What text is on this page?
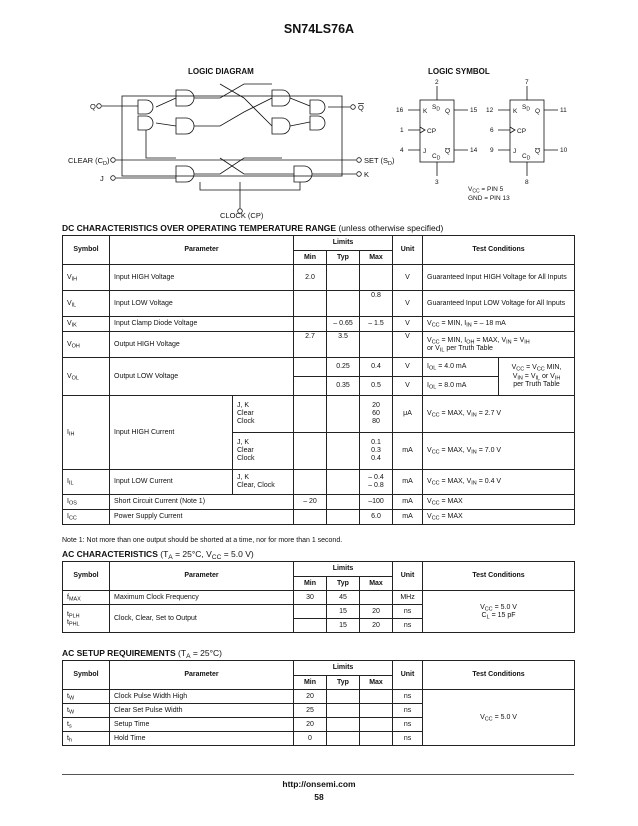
SN74LS76A
LOGIC DIAGRAM
Q	Q
CLEAR $(C_D)$
J
SET $(S_D)$
K
CLOCK (CP)
LOGIC SYMBOL
2
16	15
1
4	14
3
7
12	11
6
9	10
8
$S_D$
K	Q
CP
J	Q
$C_D$
$S_D$
K	Q
CP
J	Q
$C_D$
$V_{CC}$ = PIN 5
GND = PIN 13
DC CHARACTERISTICS OVER OPERATING TEMPERATURE RANGE (unless otherwise specified)
Symbol	Parameter		Limits			Unit	Test Conditions	
			Min	Typ	Max			
$V_{IH}$	Input HIGH Voltage		2.0			V	Guaranteed Input HIGH Voltage for All Inputs	
$V_{IL}$	Input LOW Voltage				0.8	V	Guaranteed Input LOW Voltage for All Inputs	
$V_{IK}$	Input Clamp Diode Voltage			– 0.65	– 1.5	V	$V_{CC}$ = MIN, $I_{IN}$ = – 18 mA	
$V_{OH}$	Output HIGH Voltage		2.7	3.5		V	$V_{CC}$ = MIN, $I_{OH}$ = MAX, $V_{IN} = V_{IH}$
or $V_{IL}$ per Truth Table	
$V_{OL}$	Output LOW Voltage			0.25	0.4	V	$I_{OL} = 4.0$ mA	$V_{CC} = V_{CC}$ MIN,
$V_{IN} = V_{IL}$ or $V_{IH}$
per Truth Table
				0.35	0.5	V	$I_{OL} = 8.0$ mA	
$I_{IH}$	Input HIGH Current	J, K
Clear
Clock			20
60
80	μA	$V_{CC}$ = MAX, $V_{IN} = 2.7$ V	
		J, K
Clear
Clock			0.1
0.3
0.4	mA	$V_{CC}$ = MAX, $V_{IN} = 7.0$ V	
$I_{IL}$	Input LOW Current	J, K
Clear, Clock			– 0.4
– 0.8	mA	$V_{CC}$ = MAX, $V_{IN} = 0.4$ V	
$I_{OS}$	Short Circuit Current (Note 1)		– 20		–100	mA	$V_{CC}$ = MAX	
$I_{CC}$	Power Supply Current				6.0	mA	$V_{CC}$ = MAX	
Note 1: Not more than one output should be shorted at a time, nor for more than 1 second.
AC CHARACTERISTICS ($T_A = 25^\circ C$, $V_{CC} = 5.0$ V)
Symbol	Parameter	Limits			Unit	Test Conditions
		Min	Typ	Max		
$f_{MAX}$	Maximum Clock Frequency	30	45		MHz	$V_{CC} = 5.0$ V
$C_L = 15$ pF
$t_{PLH}$
$t_{PHL}$	Clock, Clear, Set to Output		15	20	ns	
			15	20	ns	
AC SETUP REQUIREMENTS $(T_A = 25^\circ C)$
Symbol	Parameter	Limits			Unit	Test Conditions
		Min	Typ	Max		
$t_W$	Clock Pulse Width High	20			ns	$V_{CC} = 5.0$ V
$t_W$	Clear Set Pulse Width	25			ns	
$t_s$	Setup Time	20			ns	
$t_h$	Hold Time	0			ns	
http://onsemi.com
58
